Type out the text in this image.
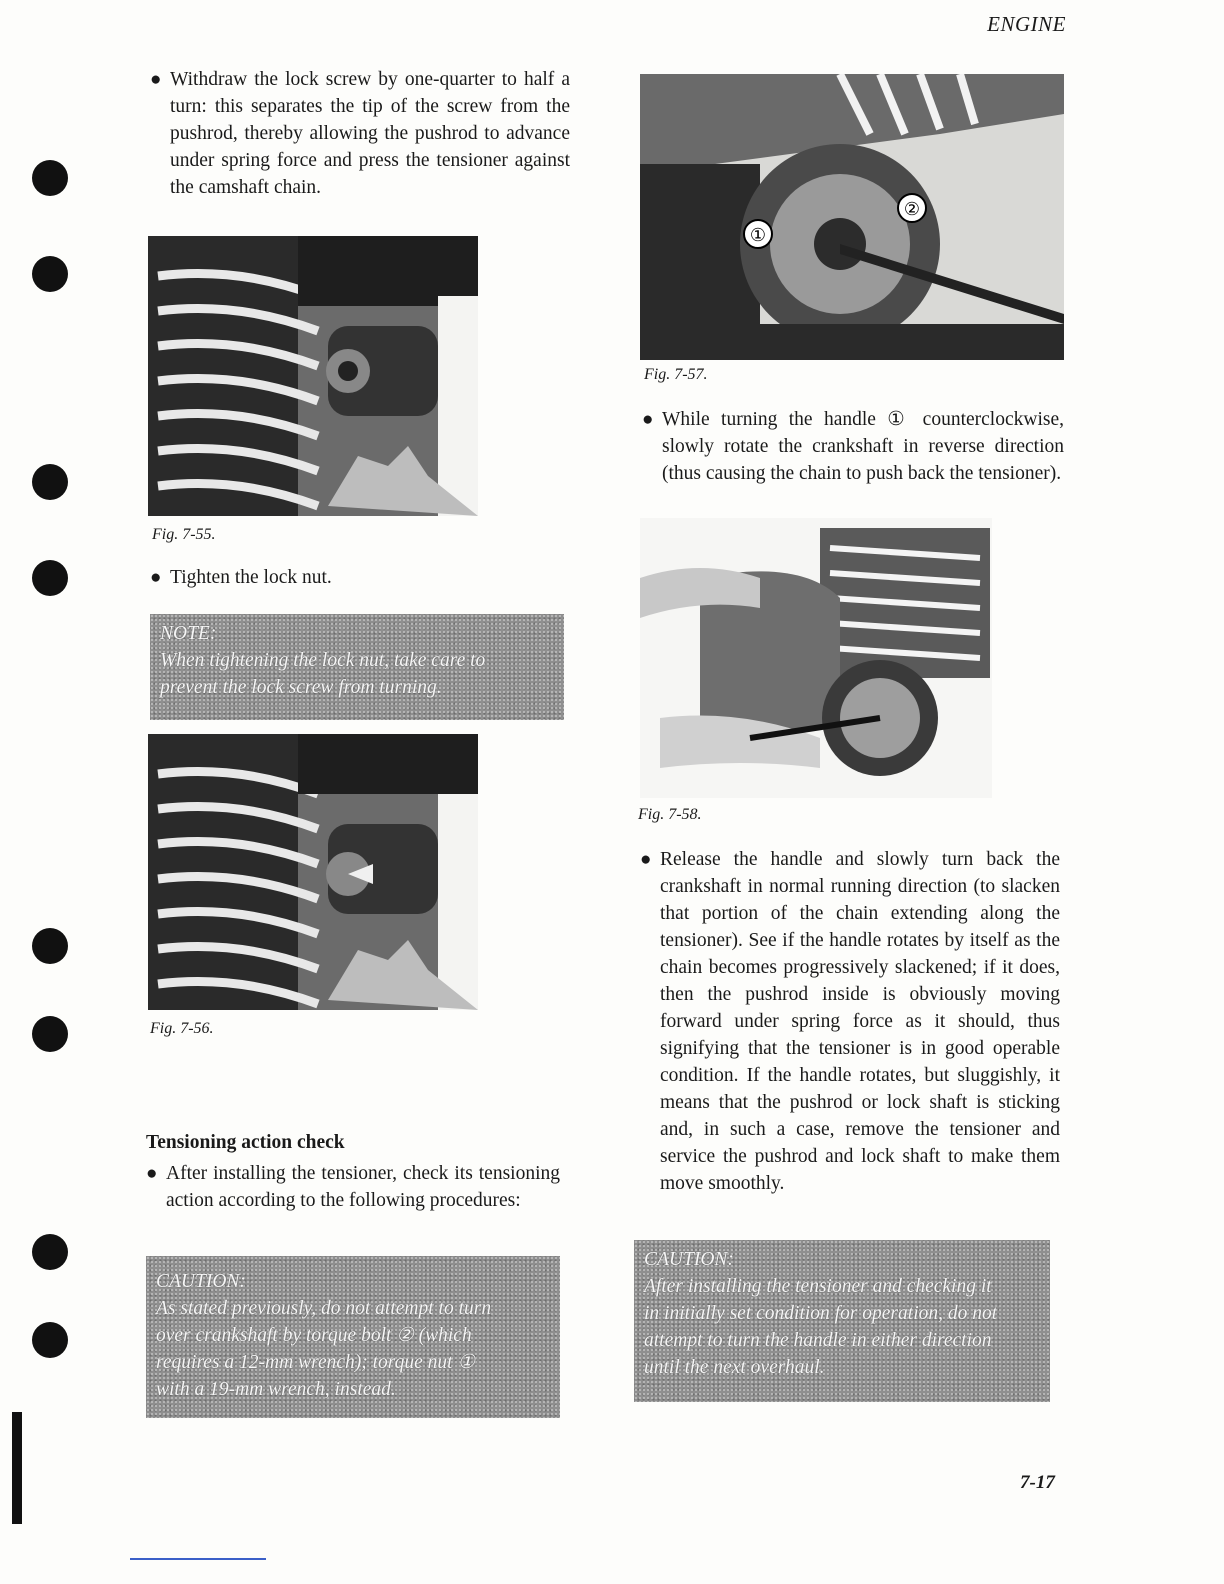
ENGINE
● Withdraw the lock screw by one-quarter to half a turn: this separates the tip of the screw from the pushrod, thereby allowing the pushrod to advance under spring force and press the tensioner against the camshaft chain.
Fig. 7-55.
● Tighten the lock nut.
NOTE:
When tightening the lock nut, take care to
prevent the lock screw from turning.
Fig. 7-56.
Tensioning action check
● After installing the tensioner, check its tensioning action according to the following procedures:
CAUTION:
As stated previously, do not attempt to turn
over crankshaft by torque bolt ② (which
requires a 12-mm wrench); torque nut ①
with a 19-mm wrench, instead.
①
②
Fig. 7-57.
● While turning the handle ① counterclockwise, slowly rotate the crankshaft in reverse direction (thus causing the chain to push back the tensioner).
Fig. 7-58.
● Release the handle and slowly turn back the crankshaft in normal running direction (to slacken that portion of the chain extending along the tensioner). See if the handle rotates by itself as the chain becomes progressively slackened; if it does, then the pushrod inside is obviously moving forward under spring force as it should, thus signifying that the tensioner is in good operable condition. If the handle rotates, but sluggishly, it means that the pushrod or lock shaft is sticking and, in such a case, remove the tensioner and service the pushrod and lock shaft to make them move smoothly.
CAUTION:
After installing the tensioner and checking it
in initially set condition for operation, do not
attempt to turn the handle in either direction
until the next overhaul.
7-17
